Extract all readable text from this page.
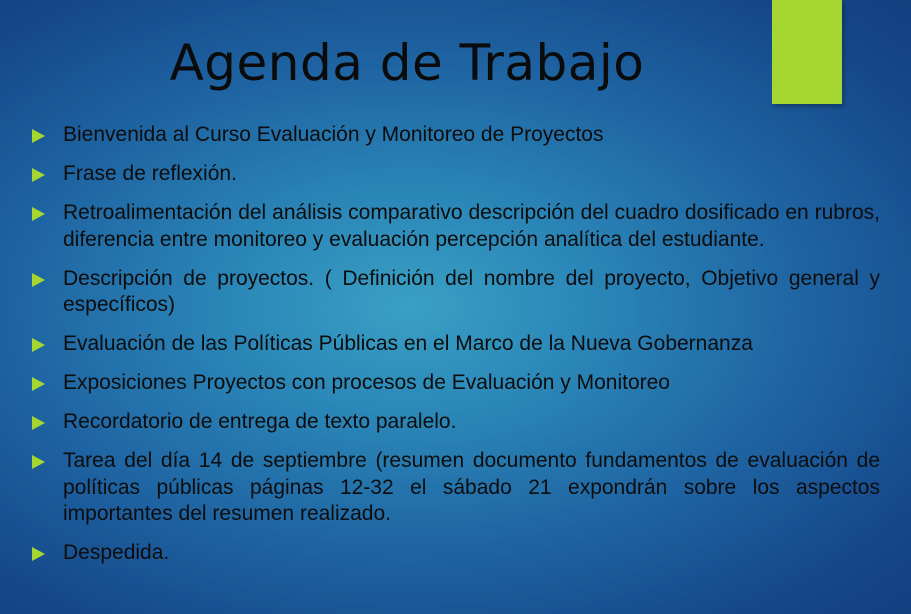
Agenda de Trabajo
Bienvenida al Curso Evaluación y Monitoreo de Proyectos
Frase de reflexión.
Retroalimentación del análisis comparativo descripción del cuadro dosificado en rubros, diferencia entre monitoreo y evaluación percepción analítica del estudiante.
Descripción de proyectos. ( Definición del nombre del proyecto, Objetivo general y específicos)
Evaluación de las Políticas Públicas en el Marco de la Nueva Gobernanza
Exposiciones Proyectos con procesos de Evaluación y Monitoreo
Recordatorio de entrega de texto paralelo.
Tarea del día 14 de septiembre (resumen documento fundamentos de evaluación de políticas públicas páginas 12-32 el sábado 21 expondrán sobre los aspectos importantes del resumen realizado.
Despedida.
